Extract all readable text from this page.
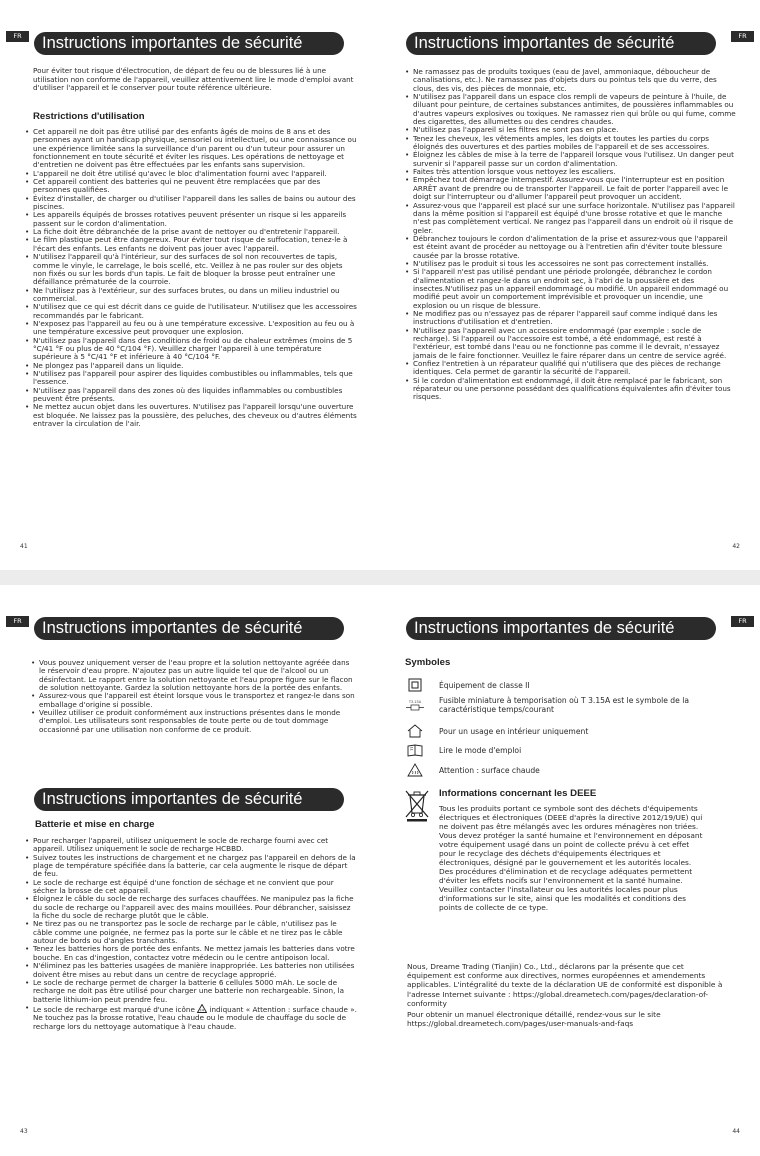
FR	Instructions importantes de sécurité
Pour éviter tout risque d'électrocution, de départ de feu ou de blessures lié à une utilisation non conforme de l'appareil, veuillez attentivement lire le mode d'emploi avant d'utiliser l'appareil et le conserver pour toute référence ultérieure.
Restrictions d'utilisation
• Cet appareil ne doit pas être utilisé par des enfants âgés de moins de 8 ans et des personnes ayant un handicap physique, sensoriel ou intellectuel, ou une connaissance ou une expérience limitée sans la surveillance d'un parent ou d'un tuteur pour assurer un fonctionnement en toute sécurité et éviter les risques. Les opérations de nettoyage et d'entretien ne doivent pas être effectuées par les enfants sans supervision.
• L'appareil ne doit être utilisé qu'avec le bloc d'alimentation fourni avec l'appareil.
• Cet appareil contient des batteries qui ne peuvent être remplacées que par des personnes qualifiées.
• Évitez d'installer, de charger ou d'utiliser l'appareil dans les salles de bains ou autour des piscines.
• Les appareils équipés de brosses rotatives peuvent présenter un risque si les appareils passent sur le cordon d'alimentation.
• La fiche doit être débranchée de la prise avant de nettoyer ou d'entretenir l'appareil.
• Le film plastique peut être dangereux. Pour éviter tout risque de suffocation, tenez-le à l'écart des enfants. Les enfants ne doivent pas jouer avec l'appareil.
• N'utilisez l'appareil qu'à l'intérieur, sur des surfaces de sol non recouvertes de tapis, comme le vinyle, le carrelage, le bois scellé, etc. Veillez à ne pas rouler sur des objets non fixés ou sur les bords d'un tapis. Le fait de bloquer la brosse peut entraîner une défaillance prématurée de la courroie.
• Ne l'utilisez pas à l'extérieur, sur des surfaces brutes, ou dans un milieu industriel ou commercial.
• N'utilisez que ce qui est décrit dans ce guide de l'utilisateur. N'utilisez que les accessoires recommandés par le fabricant.
• N'exposez pas l'appareil au feu ou à une température excessive. L'exposition au feu ou à une température excessive peut provoquer une explosion.
• N'utilisez pas l'appareil dans des conditions de froid ou de chaleur extrêmes (moins de 5 °C/41 °F ou plus de 40 °C/104 °F). Veuillez charger l'appareil à une température supérieure à 5 °C/41 °F et inférieure à 40 °C/104 °F.
• Ne plongez pas l'appareil dans un liquide.
• N'utilisez pas l'appareil pour aspirer des liquides combustibles ou inflammables, tels que l'essence.
• N'utilisez pas l'appareil dans des zones où des liquides inflammables ou combustibles peuvent être présents.
• Ne mettez aucun objet dans les ouvertures. N'utilisez pas l'appareil lorsqu'une ouverture est bloquée. Ne laissez pas la poussière, des peluches, des cheveux ou d'autres éléments entraver la circulation de l'air.
41
FR
Instructions importantes de sécurité
• Ne ramassez pas de produits toxiques (eau de Javel, ammoniaque, déboucheur de canalisations, etc.). Ne ramassez pas d'objets durs ou pointus tels que du verre, des clous, des vis, des pièces de monnaie, etc.
• N'utilisez pas l'appareil dans un espace clos rempli de vapeurs de peinture à l'huile, de diluant pour peinture, de certaines substances antimites, de poussières inflammables ou d'autres vapeurs explosives ou toxiques. Ne ramassez rien qui brûle ou qui fume, comme des cigarettes, des allumettes ou des cendres chaudes.
• N'utilisez pas l'appareil si les filtres ne sont pas en place.
• Tenez les cheveux, les vêtements amples, les doigts et toutes les parties du corps éloignés des ouvertures et des parties mobiles de l'appareil et de ses accessoires.
• Éloignez les câbles de mise à la terre de l'appareil lorsque vous l'utilisez. Un danger peut survenir si l'appareil passe sur un cordon d'alimentation.
• Faites très attention lorsque vous nettoyez les escaliers.
• Empêchez tout démarrage intempestif. Assurez-vous que l'interrupteur est en position ARRÊT avant de prendre ou de transporter l'appareil. Le fait de porter l'appareil avec le doigt sur l'interrupteur ou d'allumer l'appareil peut provoquer un accident.
• Assurez-vous que l'appareil est placé sur une surface horizontale. N'utilisez pas l'appareil dans la même position si l'appareil est équipé d'une brosse rotative et que le manche n'est pas complètement vertical. Ne rangez pas l'appareil dans un endroit où il risque de geler.
• Débranchez toujours le cordon d'alimentation de la prise et assurez-vous que l'appareil est éteint avant de procéder au nettoyage ou à l'entretien afin d'éviter toute blessure causée par la brosse rotative.
• N'utilisez pas le produit si tous les accessoires ne sont pas correctement installés.
• Si l'appareil n'est pas utilisé pendant une période prolongée, débranchez le cordon d'alimentation et rangez-le dans un endroit sec, à l'abri de la poussière et des insectes.N'utilisez pas un appareil endommagé ou modifié. Un appareil endommagé ou modifié peut avoir un comportement imprévisible et provoquer un incendie, une explosion ou un risque de blessure.
• Ne modifiez pas ou n'essayez pas de réparer l'appareil sauf comme indiqué dans les instructions d'utilisation et d'entretien.
• N'utilisez pas l'appareil avec un accessoire endommagé (par exemple : socle de recharge). Si l'appareil ou l'accessoire est tombé, a été endommagé, est resté à l'extérieur, est tombé dans l'eau ou ne fonctionne pas comme il le devrait, n'essayez jamais de le faire fonctionner. Veuillez le faire réparer dans un centre de service agréé.
• Confiez l'entretien à un réparateur qualifié qui n'utilisera que des pièces de rechange identiques. Cela permet de garantir la sécurité de l'appareil.
• Si le cordon d'alimentation est endommagé, il doit être remplacé par le fabricant, son réparateur ou une personne possédant des qualifications équivalentes afin d'éviter tous risques.
42
FR	Instructions importantes de sécurité
• Vous pouvez uniquement verser de l'eau propre et la solution nettoyante agréée dans le réservoir d'eau propre. N'ajoutez pas un autre liquide tel que de l'alcool ou un désinfectant. Le rapport entre la solution nettoyante et l'eau propre figure sur le flacon de solution nettoyante. Gardez la solution nettoyante hors de la portée des enfants.
• Assurez-vous que l'appareil est éteint lorsque vous le transportez et rangez-le dans son emballage d'origine si possible.
• Veuillez utiliser ce produit conformément aux instructions présentes dans le monde d'emploi. Les utilisateurs sont responsables de toute perte ou de tout dommage occasionné par une utilisation non conforme de ce produit.
Instructions importantes de sécurité
Batterie et mise en charge
• Pour recharger l'appareil, utilisez uniquement le socle de recharge fourni avec cet appareil. Utilisez uniquement le socle de recharge HCBBD.
• Suivez toutes les instructions de chargement et ne chargez pas l'appareil en dehors de la plage de température spécifiée dans la batterie, car cela augmente le risque de départ de feu.
• Le socle de recharge est équipé d'une fonction de séchage et ne convient que pour sécher la brosse de cet appareil.
• Éloignez le câble du socle de recharge des surfaces chauffées. Ne manipulez pas la fiche du socle de recharge ou l'appareil avec des mains mouillées. Pour débrancher, saisissez la fiche du socle de recharge plutôt que le câble.
• Ne tirez pas ou ne transportez pas le socle de recharge par le câble, n'utilisez pas le câble comme une poignée, ne fermez pas la porte sur le câble et ne tirez pas le câble autour de bords ou d'angles tranchants.
• Tenez les batteries hors de portée des enfants. Ne mettez jamais les batteries dans votre bouche. En cas d'ingestion, contactez votre médecin ou le centre antipoison local.
• N'éliminez pas les batteries usagées de manière inappropriée. Les batteries non utilisées doivent être mises au rebut dans un centre de recyclage approprié.
• Le socle de recharge permet de charger la batterie 6 cellules 5000 mAh. Le socle de recharge ne doit pas être utilisé pour charger une batterie non rechargeable. Sinon, la batterie lithium-ion peut prendre feu.
• Le socle de recharge est marqué d'une icône indiquant « Attention : surface chaude ». Ne touchez pas la brosse rotative, l'eau chaude ou le module de chauffage du socle de recharge lors du nettoyage automatique à l'eau chaude.
43
FR
Instructions importantes de sécurité
Symboles
Équipement de classe II
T3.15A Fusible miniature à temporisation où T 3.15A est le symbole de la caractéristique temps/courant
Pour un usage en intérieur uniquement
Lire le mode d'emploi
Attention : surface chaude
Informations concernant les DEEE
Tous les produits portant ce symbole sont des déchets d'équipements électriques et électroniques (DEEE d'après la directive 2012/19/UE) qui ne doivent pas être mélangés avec les ordures ménagères non triées. Vous devez protéger la santé humaine et l'environnement en déposant votre équipement usagé dans un point de collecte prévu à cet effet pour le recyclage des déchets d'équipements électriques et électroniques, désigné par le gouvernement et les autorités locales. Des procédures d'élimination et de recyclage adéquates permettent d'éviter les effets nocifs sur l'environnement et la santé humaine. Veuillez contacter l'installateur ou les autorités locales pour plus d'informations sur le site, ainsi que les modalités et conditions des points de collecte de ce type.
Nous, Dreame Trading (Tianjin) Co., Ltd., déclarons par la présente que cet équipement est conforme aux directives, normes européennes et amendements applicables. L'intégralité du texte de la déclaration UE de conformité est disponible à l'adresse Internet suivante : https://global.dreametech.com/pages/declaration-of-conformity
Pour obtenir un manuel électronique détaillé, rendez-vous sur le site https://global.dreametech.com/pages/user-manuals-and-faqs
44
